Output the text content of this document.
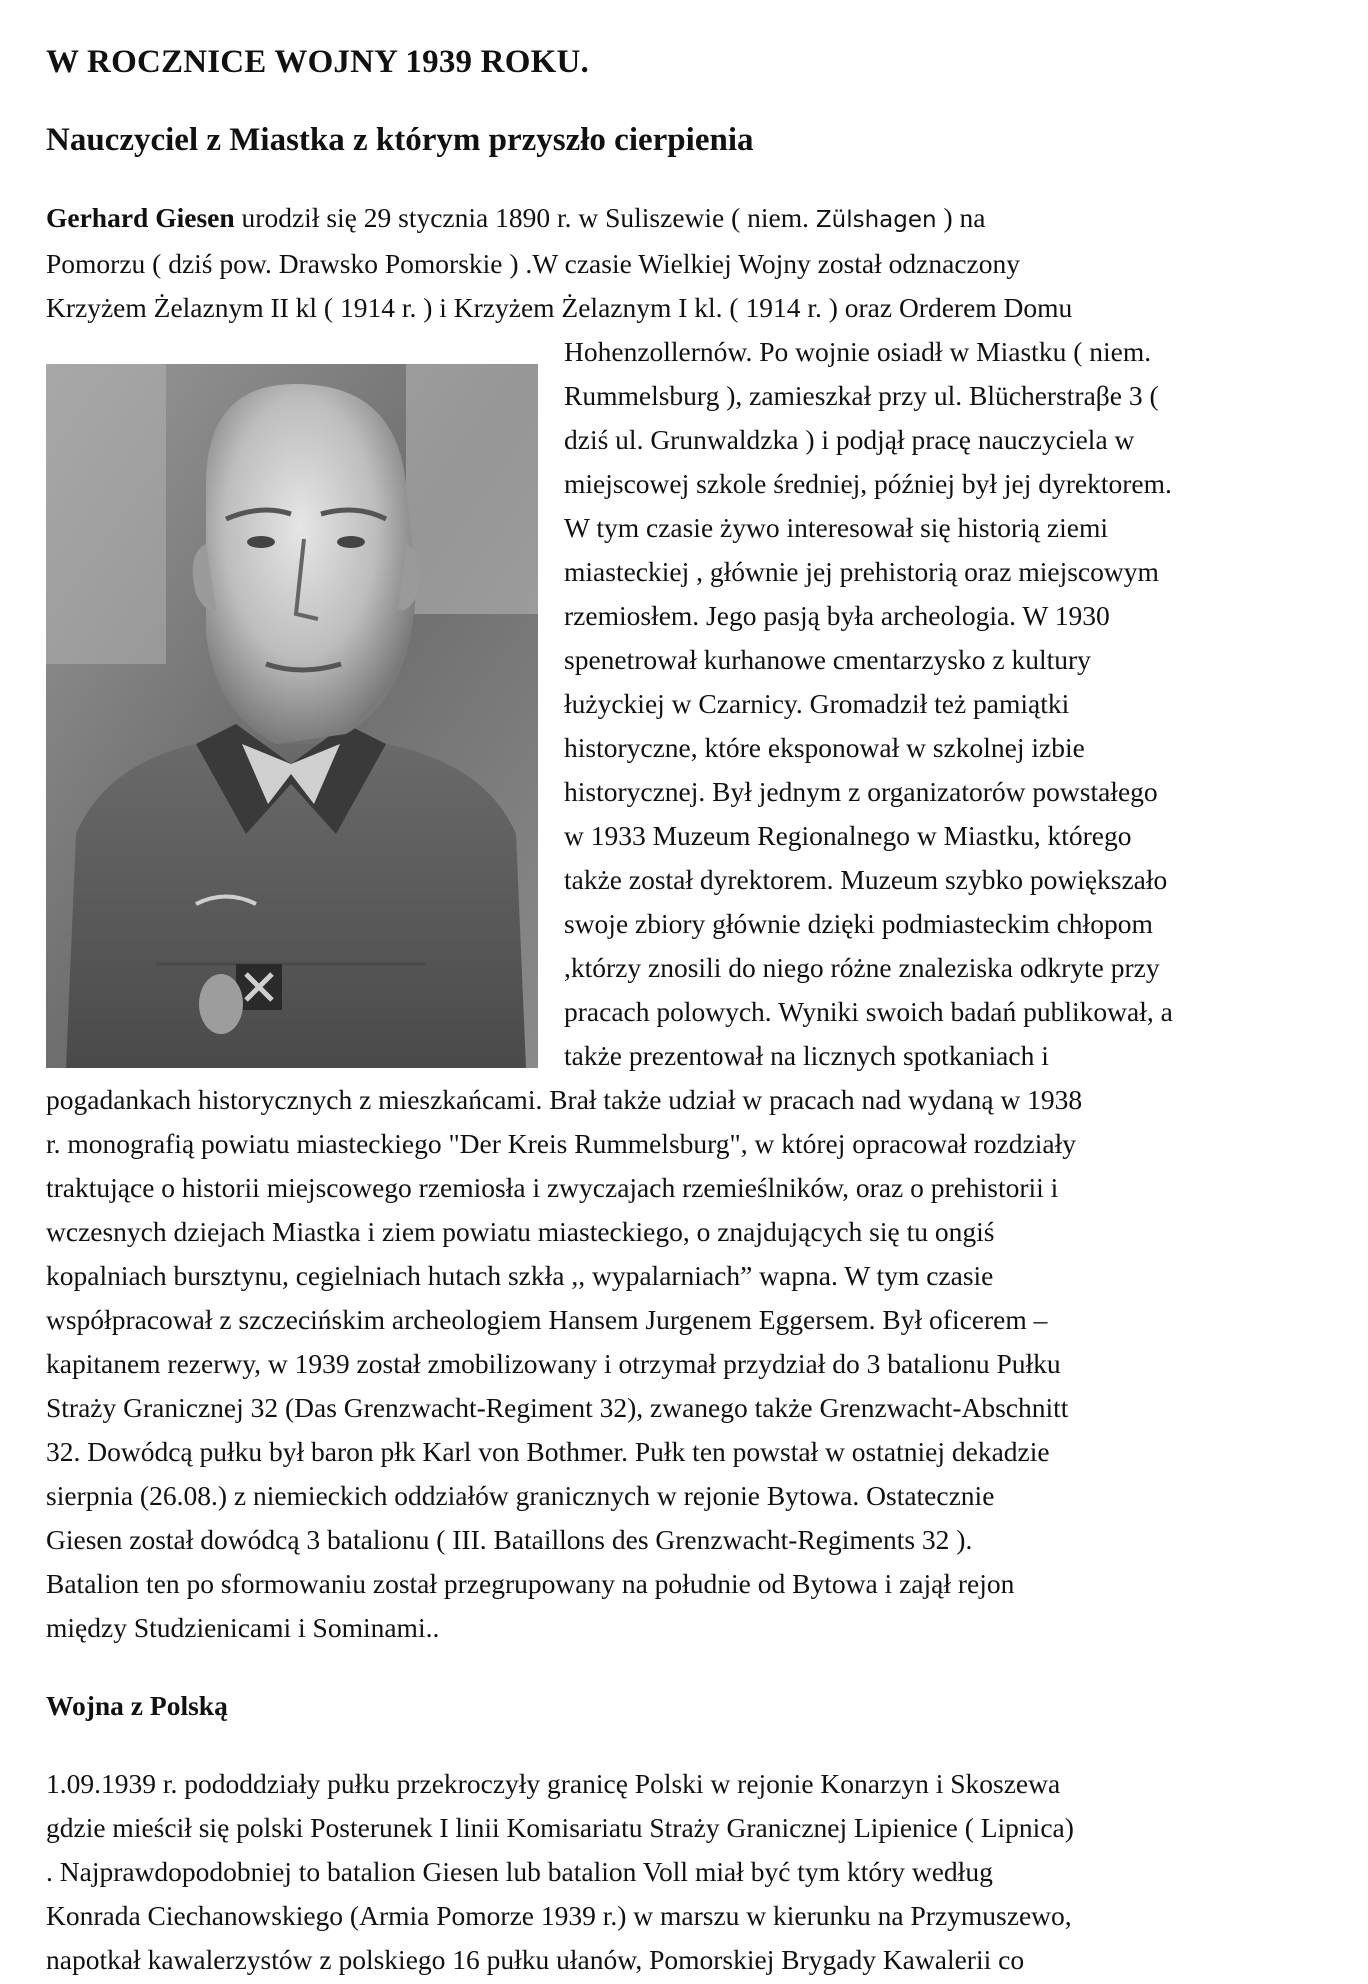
W ROCZNICE WOJNY 1939 ROKU.
Nauczyciel z Miastka z którym przyszło cierpienia
Gerhard Giesen urodził się 29 stycznia 1890 r. w Suliszewie ( niem. Zülshagen ) na
Pomorzu ( dziś pow. Drawsko Pomorskie ) .W czasie Wielkiej Wojny został odznaczony
Krzyżem Żelaznym II kl ( 1914 r. ) i Krzyżem Żelaznym I kl. ( 1914 r. ) oraz Orderem Domu
Hohenzollernów. Po wojnie osiadł w Miastku ( niem.
Rummelsburg ), zamieszkał przy ul. Blücherstraβe 3 (
dziś ul. Grunwaldzka ) i podjął pracę nauczyciela w
miejscowej szkole średniej, później był jej dyrektorem.
W tym czasie żywo interesował się historią ziemi
miasteckiej , głównie jej prehistorią oraz miejscowym
rzemiosłem. Jego pasją była archeologia. W 1930
spenetrował kurhanowe cmentarzysko z kultury
łużyckiej w Czarnicy. Gromadził też pamiątki
historyczne, które eksponował w szkolnej izbie
historycznej. Był jednym z organizatorów powstałego
w 1933 Muzeum Regionalnego w Miastku, którego
także został dyrektorem. Muzeum szybko powiększało
swoje zbiory głównie dzięki podmiasteckim chłopom
,którzy znosili do niego różne znaleziska odkryte przy
pracach polowych. Wyniki swoich badań publikował, a
także prezentował na licznych spotkaniach i
pogadankach historycznych z mieszkańcami. Brał także udział w pracach nad wydaną w 1938
r. monografią powiatu miasteckiego "Der Kreis Rummelsburg", w której opracował rozdziały
traktujące o historii miejscowego rzemiosła i zwyczajach rzemieślników, oraz o prehistorii i
wczesnych dziejach Miastka i ziem powiatu miasteckiego, o znajdujących się tu ongiś
kopalniach bursztynu, cegielniach hutach szkła ,, wypalarniach” wapna. W tym czasie
współpracował z szczecińskim archeologiem Hansem Jurgenem Eggersem. Był oficerem –
kapitanem rezerwy, w 1939 został zmobilizowany i otrzymał przydział do 3 batalionu Pułku
Straży Granicznej 32 (Das Grenzwacht-Regiment 32), zwanego także Grenzwacht-Abschnitt
32. Dowódcą pułku był baron płk Karl von Bothmer. Pułk ten powstał w ostatniej dekadzie
sierpnia (26.08.) z niemieckich oddziałów granicznych w rejonie Bytowa. Ostatecznie
Giesen został dowódcą 3 batalionu ( III. Bataillons des Grenzwacht-Regiments 32 ).
Batalion ten po sformowaniu został przegrupowany na południe od Bytowa i zajął rejon
między Studzienicami i Sominami..
Wojna z Polską
1.09.1939 r. pododdziały pułku przekroczyły granicę Polski w rejonie Konarzyn i Skoszewa
gdzie mieścił się polski Posterunek I linii Komisariatu Straży Granicznej Lipienice ( Lipnica)
. Najprawdopodobniej to batalion Giesen lub batalion Voll miał być tym który według
Konrada Ciechanowskiego (Armia Pomorze 1939 r.) w marszu w kierunku na Przymuszewo,
napotkał kawalerzystów z polskiego 16 pułku ułanów, Pomorskiej Brygady Kawalerii co
